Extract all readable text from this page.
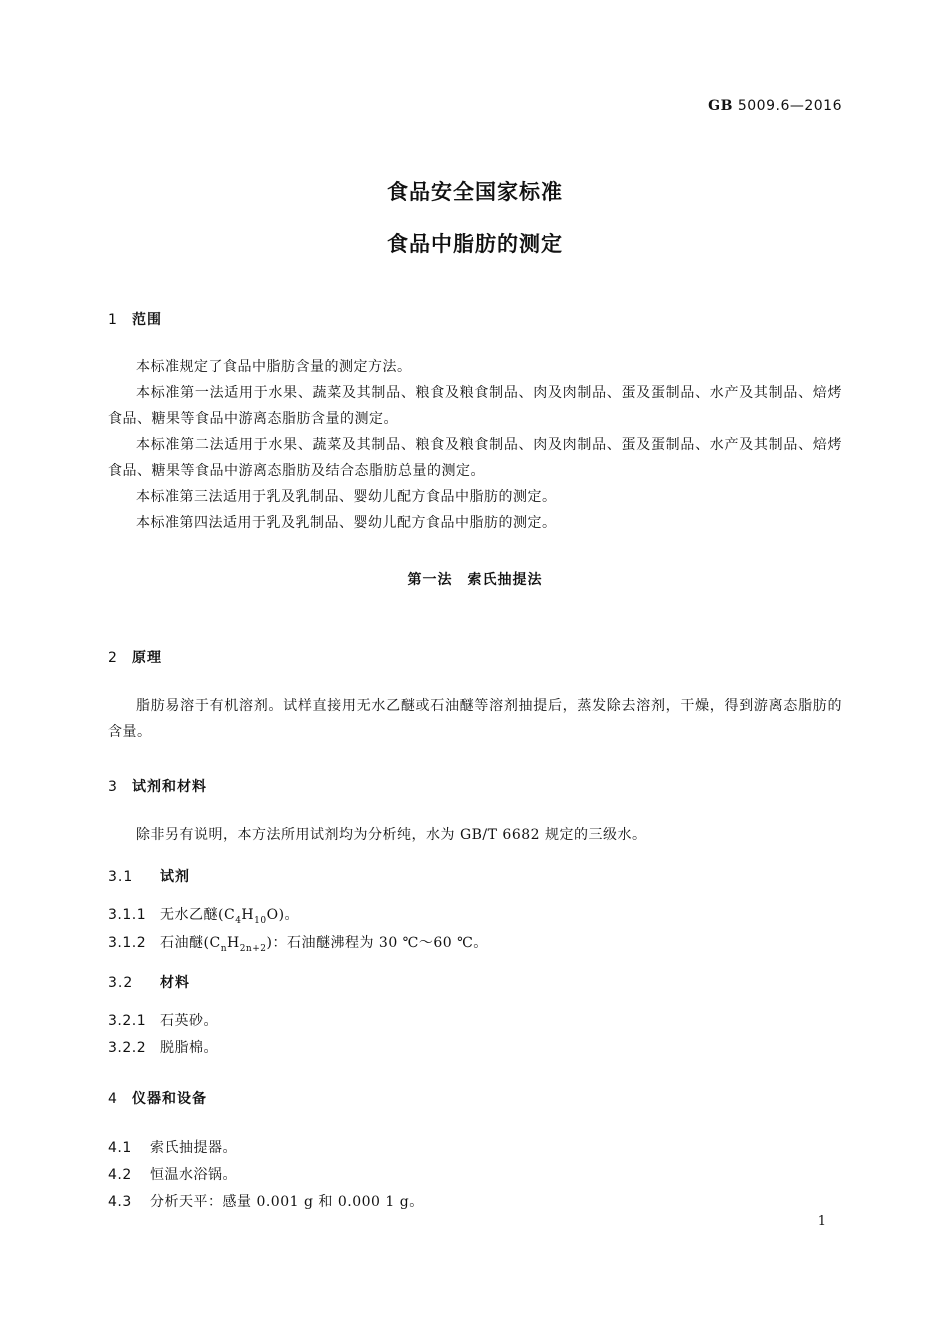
GB 5009.6—2016
食品安全国家标准
食品中脂肪的测定
1 范围
本标准规定了食品中脂肪含量的测定方法。
本标准第一法适用于水果、蔬菜及其制品、粮食及粮食制品、肉及肉制品、蛋及蛋制品、水产及其制品、焙烤食品、糖果等食品中游离态脂肪含量的测定。
本标准第二法适用于水果、蔬菜及其制品、粮食及粮食制品、肉及肉制品、蛋及蛋制品、水产及其制品、焙烤食品、糖果等食品中游离态脂肪及结合态脂肪总量的测定。
本标准第三法适用于乳及乳制品、婴幼儿配方食品中脂肪的测定。
本标准第四法适用于乳及乳制品、婴幼儿配方食品中脂肪的测定。
第一法　索氏抽提法
2 原理
脂肪易溶于有机溶剂。试样直接用无水乙醚或石油醚等溶剂抽提后，蒸发除去溶剂，干燥，得到游离态脂肪的含量。
3 试剂和材料
除非另有说明，本方法所用试剂均为分析纯，水为 GB/T 6682 规定的三级水。
3.1 试剂
3.1.1 无水乙醚$(C_4H_{10}O)$。
3.1.2 石油醚$(C_nH_{2n+2})$：石油醚沸程为 30 ℃～60 ℃。
3.2 材料
3.2.1 石英砂。
3.2.2 脱脂棉。
4 仪器和设备
4.1 索氏抽提器。
4.2 恒温水浴锅。
4.3 分析天平：感量 0.001 g 和 0.000 1 g。
1
